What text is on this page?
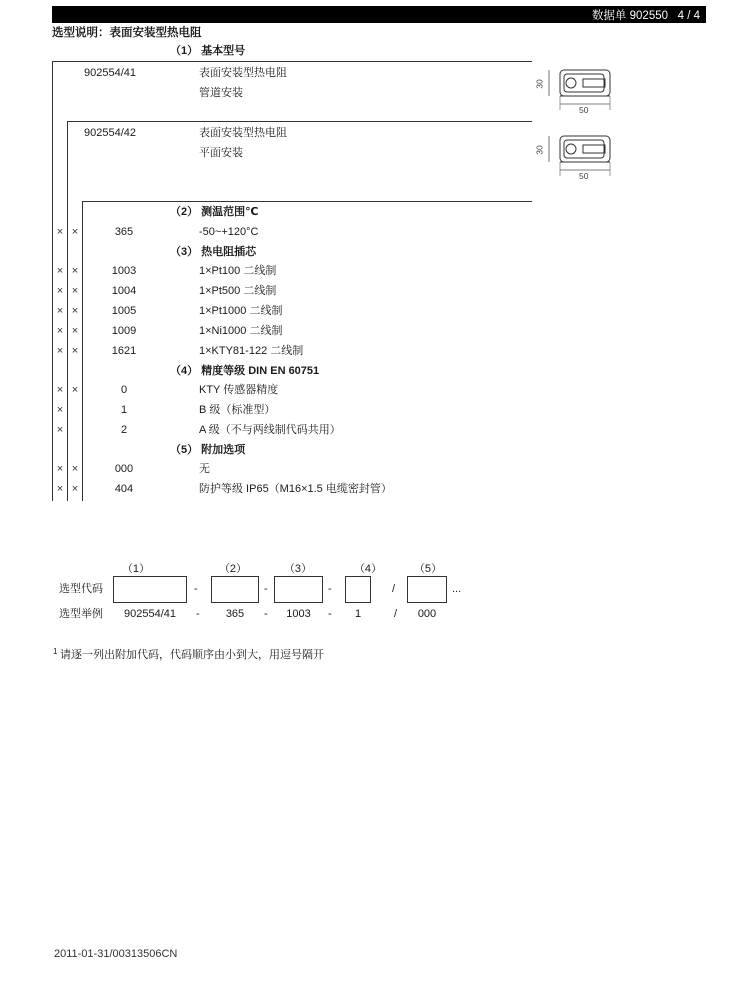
数据单 902550 4 / 4
选型说明：表面安装型热电阻
（1） 基本型号
902554/41	表面安装型热电阻
管道安装
902554/42	表面安装型热电阻
平面安装
30
50
30
50
（2） 测温范围℃
× ×	365	-50~+120°C
（3） 热电阻插芯
× ×	1003	1×Pt100 二线制
× ×	1004	1×Pt500 二线制
× ×	1005	1×Pt1000 二线制
× ×	1009	1×Ni1000 二线制
× ×	1621	1×KTY81-122 二线制
（4） 精度等级 DIN EN 60751
× ×	0	KTY 传感器精度
×	1	B 级（标准型）
×	2	A 级（不与两线制代码共用）
（5） 附加选项
× ×	000	无
× ×	404	防护等级 IP65（M16×1.5 电缆密封管）
（1）	（2）	（3）	（4）	（5）
选型代码	-	-	-	/	...
选型举例	902554/41	-	365	-	1003	-	1	/	000
1 请逐一列出附加代码，代码顺序由小到大，用逗号隔开
2011-01-31/00313506CN
